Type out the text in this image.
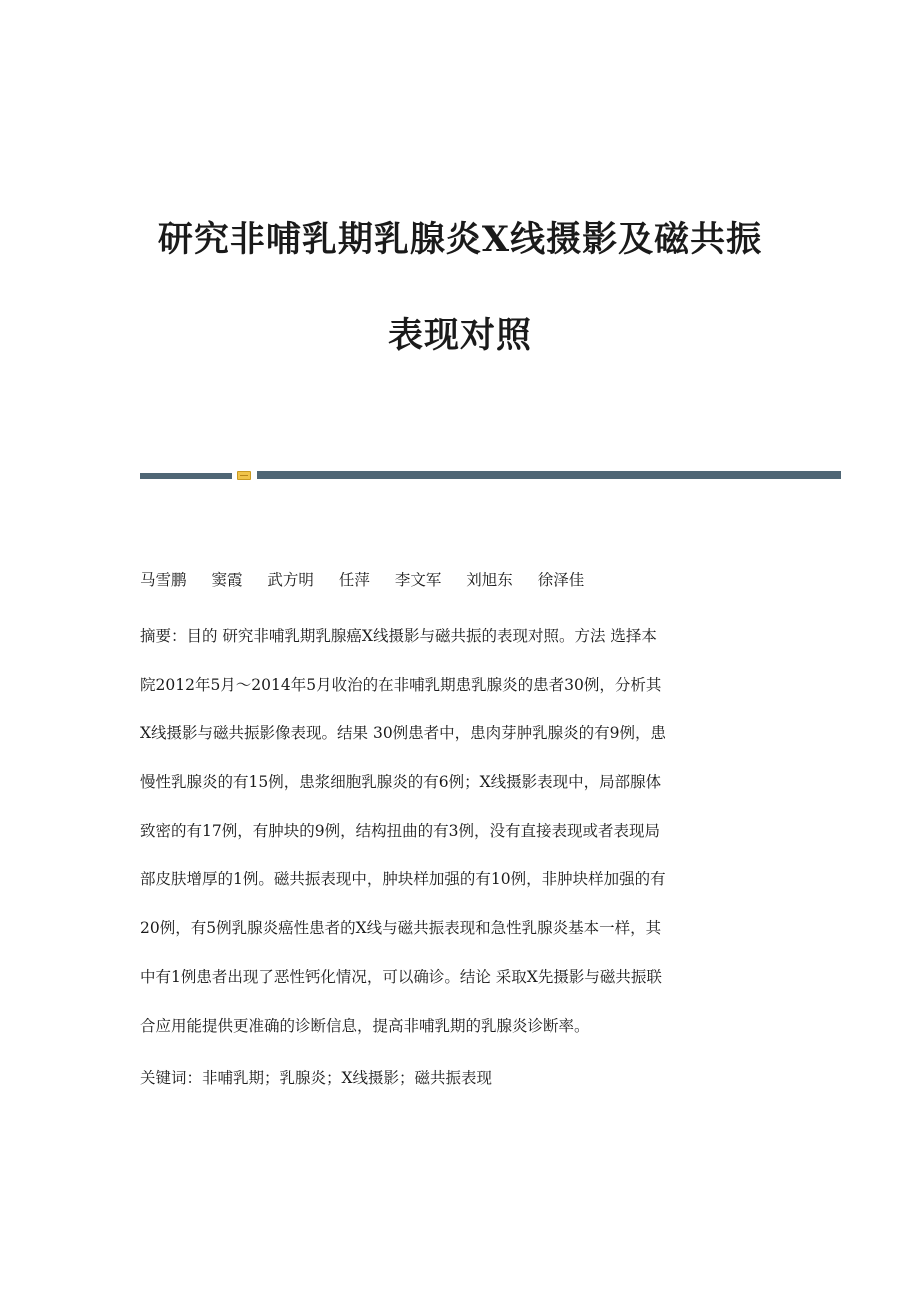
研究非哺乳期乳腺炎X线摄影及磁共振
表现对照
马雪鹏 窦霞 武方明 任萍 李文军 刘旭东 徐泽佳
摘要：目的 研究非哺乳期乳腺癌X线摄影与磁共振的表现对照。方法 选择本
院2012年5月～2014年5月收治的在非哺乳期患乳腺炎的患者30例，分析其
X线摄影与磁共振影像表现。结果 30例患者中，患肉芽肿乳腺炎的有9例，患
慢性乳腺炎的有15例，患浆细胞乳腺炎的有6例；X线摄影表现中，局部腺体
致密的有17例，有肿块的9例，结构扭曲的有3例，没有直接表现或者表现局
部皮肤增厚的1例。磁共振表现中，肿块样加强的有10例，非肿块样加强的有
20例，有5例乳腺炎癌性患者的X线与磁共振表现和急性乳腺炎基本一样，其
中有1例患者出现了恶性钙化情况，可以确诊。结论 采取X先摄影与磁共振联
合应用能提供更准确的诊断信息，提高非哺乳期的乳腺炎诊断率。
关键词：非哺乳期；乳腺炎；X线摄影；磁共振表现
